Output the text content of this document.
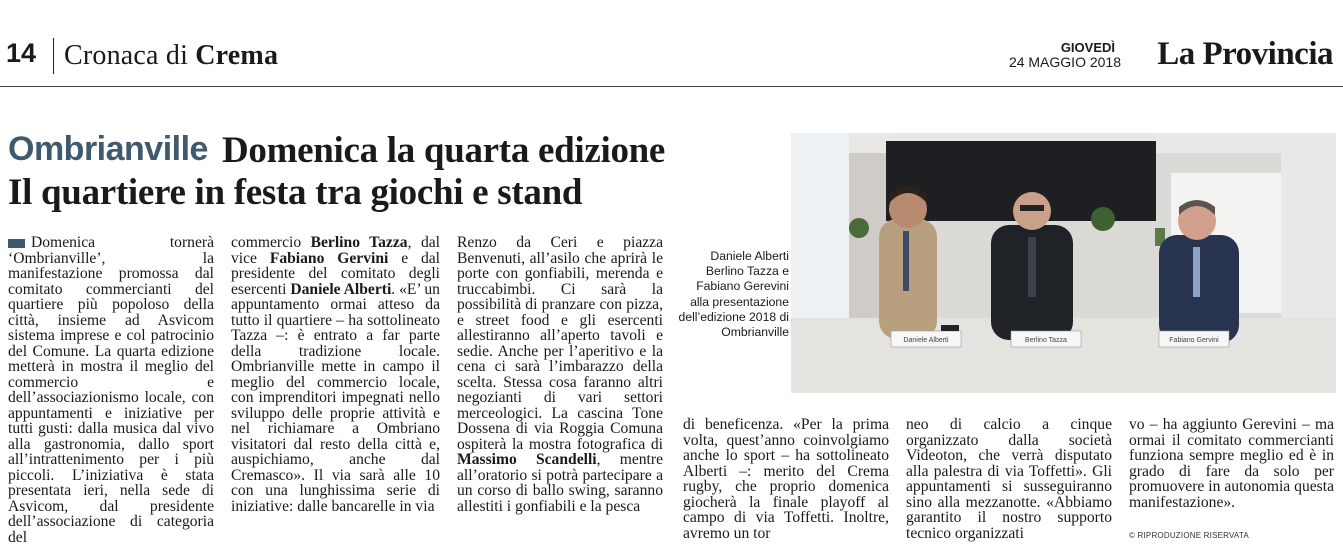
14 Cronaca di Crema	GIOVEDÌ
24 MAGGIO 2018 La Provincia
Ombrianville Domenica la quarta edizione
Il quartiere in festa tra giochi e stand
Daniele Alberti	Berlino Tazza	Fabiano Gervini
Daniele Alberti Berlino Tazza e Fabiano Gerevini alla presentazione dell’edizione 2018 di Ombrianville

Domenica tornerà ‘Ombrianville’, la manifestazione promossa dal comitato commercianti del quartiere più popoloso della città, insieme ad Asvicom sistema imprese e col patrocinio del Comune. La quarta edizione metterà in mostra il meglio del commercio e dell’associazionismo locale, con appuntamenti e iniziative per tutti gusti: dalla musica dal vivo alla gastronomia, dallo sport all’intrattenimento per i più piccoli. L’iniziativa è stata presentata ieri, nella sede di Asvicom, dal presidente dell’associazione di categoria del

commercio Berlino Tazza, dal vice Fabiano Gervini e dal presidente del comitato degli esercenti Daniele Alberti. «E’ un appuntamento ormai atteso da tutto il quartiere – ha sottolineato Tazza –: è entrato a far parte della tradizione locale. Ombrianville mette in campo il meglio del commercio locale, con imprenditori impegnati nello sviluppo delle proprie attività e nel richiamare a Ombriano visitatori dal resto della città e, auspichiamo, anche dal Cremasco». Il via sarà alle 10 con una lunghissima serie di iniziative: dalle bancarelle in via

Renzo da Ceri e piazza Benvenuti, all’asilo che aprirà le porte con gonfiabili, merenda e truccabimbi. Ci sarà la possibilità di pranzare con pizza, e street food e gli esercenti allestiranno all’aperto tavoli e sedie. Anche per l’aperitivo e la cena ci sarà l’imbarazzo della scelta. Stessa cosa faranno altri negozianti di vari settori merceologici. La cascina Tone Dossena di via Roggia Comuna ospiterà la mostra fotografica di Massimo Scandelli, mentre all’oratorio si potrà partecipare a un corso di ballo swing, saranno allestiti i gonfiabili e la pesca

di beneficenza. «Per la prima volta, quest’anno coinvolgiamo anche lo sport – ha sottolineato Alberti –: merito del Crema rugby, che proprio domenica giocherà la finale playoff al campo di via Toffetti. Inoltre, avremo un tor

neo di calcio a cinque organizzato dalla società Videoton, che verrà disputato alla palestra di via Toffetti». Gli appuntamenti si susseguiranno sino alla mezzanotte. «Abbiamo garantito il nostro supporto tecnico organizzati

vo – ha aggiunto Gerevini – ma ormai il comitato commercianti funziona sempre meglio ed è in grado di fare da solo per promuovere in autonomia questa manifestazione».

© RIPRODUZIONE RISERVATA
